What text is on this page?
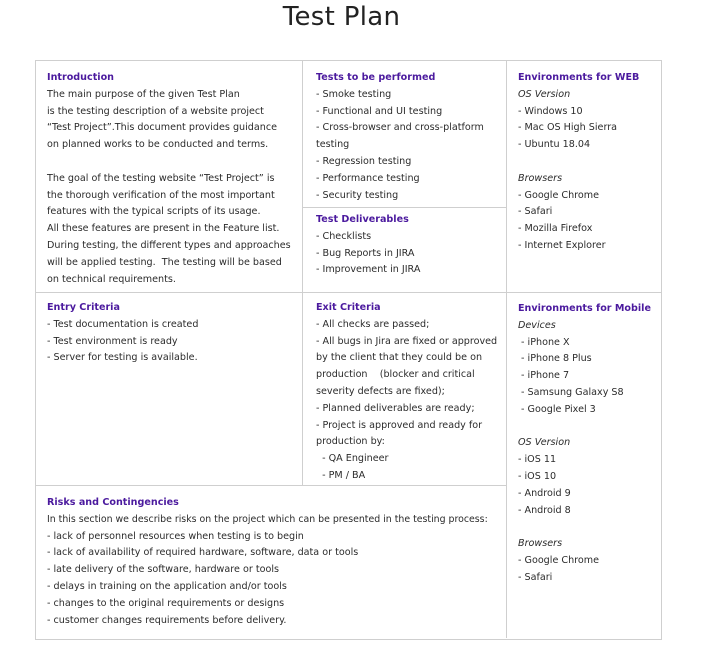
Test Plan

Introduction

The main purpose of the given Test Plan

is the testing description of a website project

“Test Project”.This document provides guidance

on planned works to be conducted and terms.

The goal of the testing website “Test Project” is

the thorough verification of the most important

features with the typical scripts of its usage.

All these features are present in the Feature list.

During testing, the different types and approaches

will be applied testing.  The testing will be based

on technical requirements.

Tests to be performed

- Smoke testing

- Functional and UI testing

- Cross-browser and cross-platform

testing

- Regression testing

- Performance testing

- Security testing

Test Deliverables

- Checklists

- Bug Reports in JIRA

- Improvement in JIRA

Environments for WEB

OS Version

- Windows 10

- Mac OS High Sierra

- Ubuntu 18.04

Browsers

- Google Chrome

- Safari

- Mozilla Firefox

- Internet Explorer

Entry Criteria

- Test documentation is created

- Test environment is ready

- Server for testing is available.

Exit Criteria

- All checks are passed;

- All bugs in Jira are fixed or approved

by the client that they could be on

production    (blocker and critical

severity defects are fixed);

- Planned deliverables are ready;

- Project is approved and ready for

production by:

- QA Engineer

- PM / BA

Environments for Mobile

Devices

- iPhone X

- iPhone 8 Plus

- iPhone 7

- Samsung Galaxy S8

- Google Pixel 3

OS Version

- iOS 11

- iOS 10

- Android 9

- Android 8

Browsers

- Google Chrome

- Safari

Risks and Contingencies

In this section we describe risks on the project which can be presented in the testing process:

- lack of personnel resources when testing is to begin

- lack of availability of required hardware, software, data or tools

- late delivery of the software, hardware or tools

- delays in training on the application and/or tools

- changes to the original requirements or designs

- customer changes requirements before delivery.
